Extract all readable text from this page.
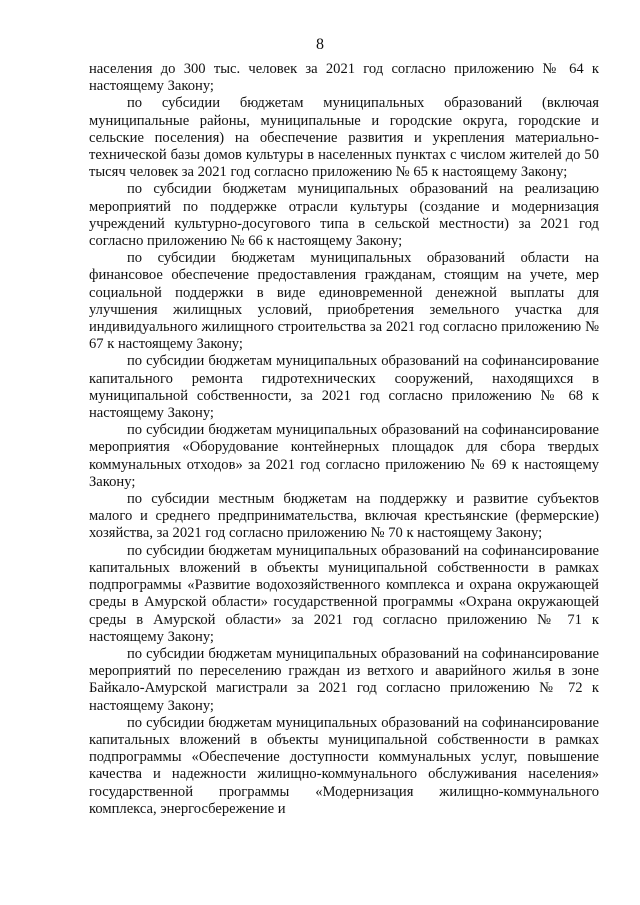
8

населения до 300 тыс. человек за 2021 год согласно приложению № 64 к настоящему Закону;

по субсидии бюджетам муниципальных образований (включая муниципальные районы, муниципальные и городские округа, городские и сельские поселения) на обеспечение развития и укрепления материально-технической базы домов культуры в населенных пунктах с числом жителей до 50 тысяч человек за 2021 год согласно приложению № 65 к настоящему Закону;

по субсидии бюджетам муниципальных образований на реализацию мероприятий по поддержке отрасли культуры (создание и модернизация учреждений культурно-досугового типа в сельской местности) за 2021 год согласно приложению № 66 к настоящему Закону;

по субсидии бюджетам муниципальных образований области на финансовое обеспечение предоставления гражданам, стоящим на учете, мер социальной поддержки в виде единовременной денежной выплаты для улучшения жилищных условий, приобретения земельного участка для индивидуального жилищного строительства за 2021 год согласно приложению № 67 к настоящему Закону;

по субсидии бюджетам муниципальных образований на софинансирование капитального ремонта гидротехнических сооружений, находящихся в муниципальной собственности, за 2021 год согласно приложению № 68 к настоящему Закону;

по субсидии бюджетам муниципальных образований на софинансирование мероприятия «Оборудование контейнерных площадок для сбора твердых коммунальных отходов» за 2021 год согласно приложению № 69 к настоящему Закону;

по субсидии местным бюджетам на поддержку и развитие субъектов малого и среднего предпринимательства, включая крестьянские (фермерские) хозяйства, за 2021 год согласно приложению № 70 к настоящему Закону;

по субсидии бюджетам муниципальных образований на софинансирование капитальных вложений в объекты муниципальной собственности в рамках подпрограммы «Развитие водохозяйственного комплекса и охрана окружающей среды в Амурской области» государственной программы «Охрана окружающей среды в Амурской области» за 2021 год согласно приложению № 71 к настоящему Закону;

по субсидии бюджетам муниципальных образований на софинансирование мероприятий по переселению граждан из ветхого и аварийного жилья в зоне Байкало-Амурской магистрали за 2021 год согласно приложению № 72 к настоящему Закону;

по субсидии бюджетам муниципальных образований на софинансирование капитальных вложений в объекты муниципальной собственности в рамках подпрограммы «Обеспечение доступности коммунальных услуг, повышение качества и надежности жилищно-коммунального обслуживания населения» государственной программы «Модернизация жилищно-коммунального комплекса, энергосбережение и
